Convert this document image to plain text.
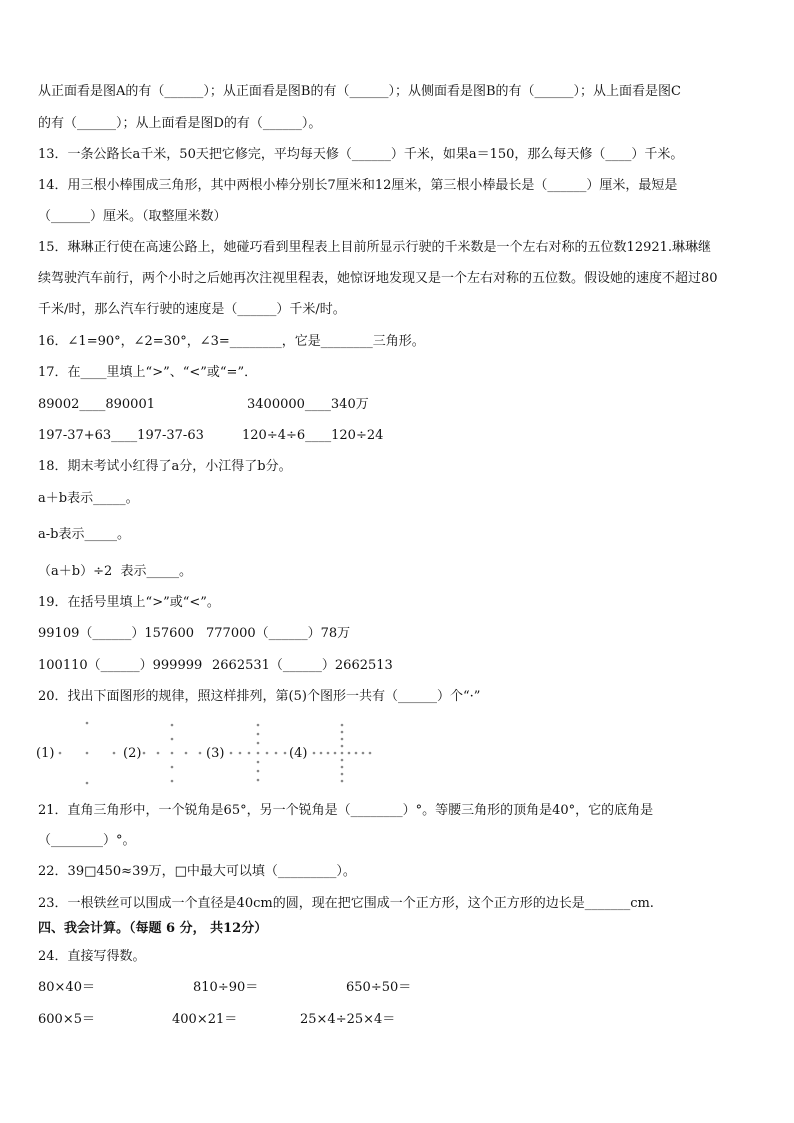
从正面看是图A的有（______）；从正面看是图B的有（______）；从侧面看是图B的有（______）；从上面看是图C
的有（______）；从上面看是图D的有（______）。
13．一条公路长a千米，50天把它修完，平均每天修（______）千米，如果a＝150，那么每天修（____）千米。
14．用三根小棒围成三角形，其中两根小棒分别长7厘米和12厘米，第三根小棒最长是（______）厘米，最短是
（______）厘米。（取整厘米数）
15．琳琳正行使在高速公路上，她碰巧看到里程表上目前所显示行驶的千米数是一个左右对称的五位数12921.琳琳继
续驾驶汽车前行，两个小时之后她再次注视里程表，她惊讶地发现又是一个左右对称的五位数。假设她的速度不超过80
千米/时，那么汽车行驶的速度是（______）千米/时。
16．∠1=90°，∠2=30°，∠3=________，它是________三角形。
17．在____里填上“>”、“<”或“=”．
89002____890001	3400000____340万
197-37+63____197-37-63	120÷4÷6____120÷24
18．期末考试小红得了a分，小江得了b分。
a＋b表示_____。
a-b表示_____。
（a＋b）÷2  表示_____。
19．在括号里填上“>”或“<”。
99109（______）157600 777000（______）78万
100110（______）999999 2662531（______）2662513
20．找出下面图形的规律，照这样排列，第(5)个图形一共有（______）个“·”
(1)	(2)	(3)	(4)
21．直角三角形中，一个锐角是65°，另一个锐角是（________）°。等腰三角形的顶角是40°，它的底角是
（________）°。
22．39□450≈39万，□中最大可以填（_________）。
23．一根铁丝可以围成一个直径是40cm的圆，现在把它围成一个正方形，这个正方形的边长是_______cm.
四、我会计算。（每题 6 分， 共12分）
24．直接写得数。
80×40＝	810÷90＝	650÷50＝
600×5＝	400×21＝	25×4÷25×4＝
